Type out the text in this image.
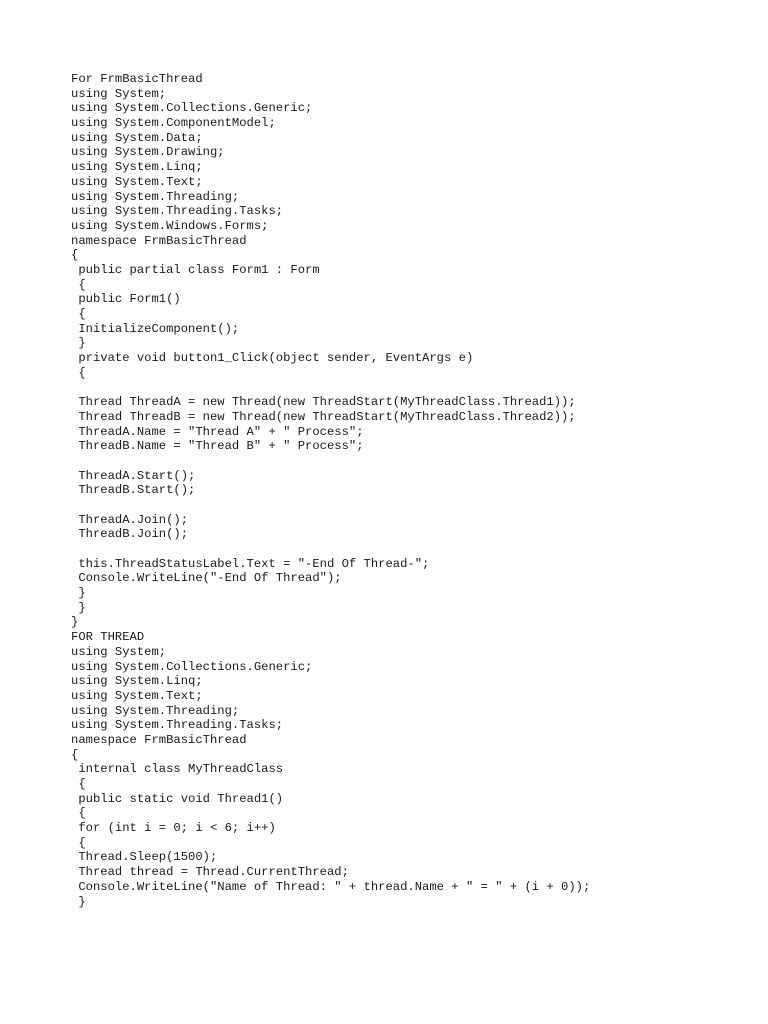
For FrmBasicThread
using System;
using System.Collections.Generic;
using System.ComponentModel;
using System.Data;
using System.Drawing;
using System.Linq;
using System.Text;
using System.Threading;
using System.Threading.Tasks;
using System.Windows.Forms;
namespace FrmBasicThread
{
public partial class Form1 : Form
{
public Form1()
{
InitializeComponent();
}
private void button1_Click(object sender, EventArgs e)
{
Thread ThreadA = new Thread(new ThreadStart(MyThreadClass.Thread1));
Thread ThreadB = new Thread(new ThreadStart(MyThreadClass.Thread2));
ThreadA.Name = "Thread A" + " Process";
ThreadB.Name = "Thread B" + " Process";
ThreadA.Start();
ThreadB.Start();
ThreadA.Join();
ThreadB.Join();
this.ThreadStatusLabel.Text = "-End Of Thread-";
Console.WriteLine("-End Of Thread");
}
}
}
FOR THREAD
using System;
using System.Collections.Generic;
using System.Linq;
using System.Text;
using System.Threading;
using System.Threading.Tasks;
namespace FrmBasicThread
{
internal class MyThreadClass
{
public static void Thread1()
{
for (int i = 0; i < 6; i++)
{
Thread.Sleep(1500);
Thread thread = Thread.CurrentThread;
Console.WriteLine("Name of Thread: " + thread.Name + " = " + (i + 0));
}
